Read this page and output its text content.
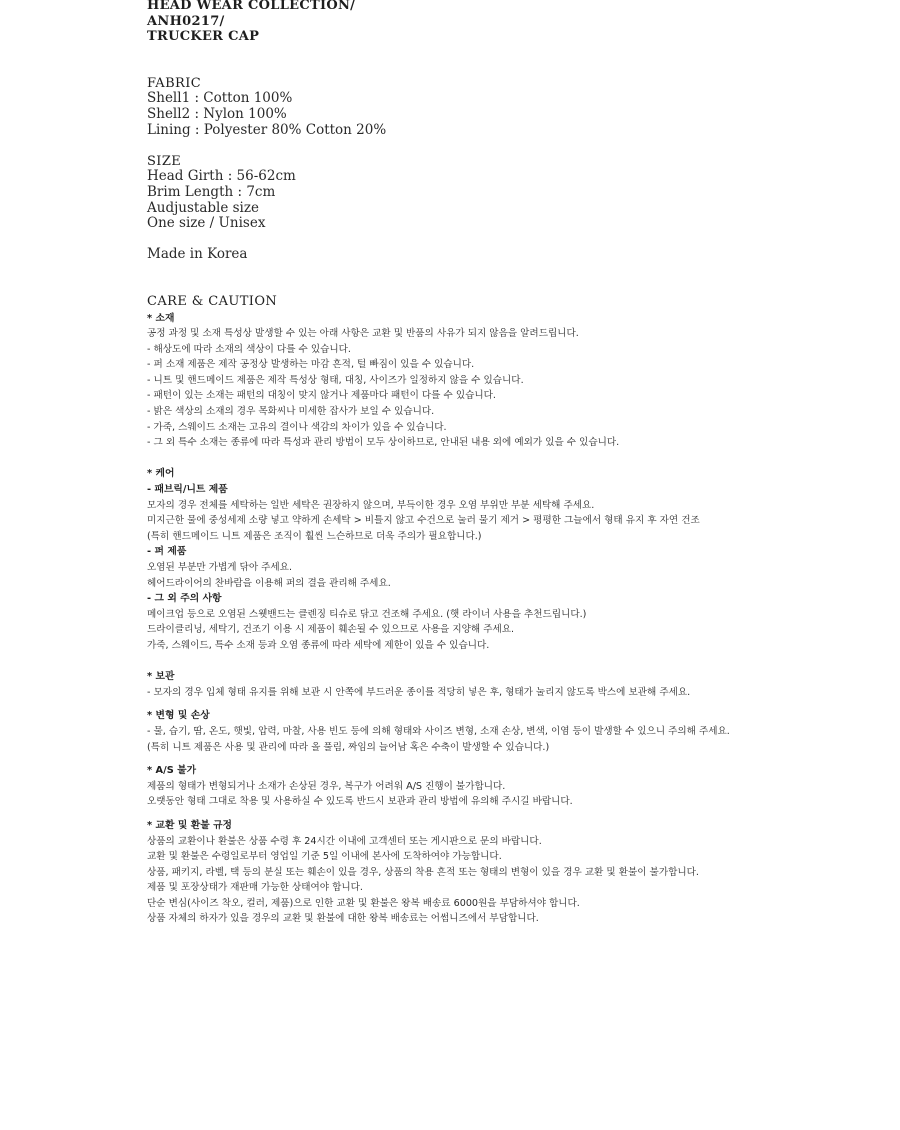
HEAD WEAR COLLECTION/

ANH0217/

TRUCKER CAP

FABRIC

Shell1 : Cotton 100%

Shell2 : Nylon 100%

Lining : Polyester 80% Cotton 20%

SIZE

Head Girth : 56-62cm

Brim Length : 7cm

Audjustable size

One size / Unisex

Made in Korea

CARE & CAUTION

* 소재

공정 과정 및 소재 특성상 발생할 수 있는 아래 사항은 교환 및 반품의 사유가 되지 않음을 알려드립니다.

- 해상도에 따라 소재의 색상이 다를 수 있습니다.

- 퍼 소재 제품은 제작 공정상 발생하는 마감 흔적, 털 빠짐이 있을 수 있습니다.

- 니트 및 핸드메이드 제품은 제작 특성상 형태, 대칭, 사이즈가 일정하지 않을 수 있습니다.

- 패턴이 있는 소재는 패턴의 대칭이 맞지 않거나 제품마다 패턴이 다를 수 있습니다.

- 밝은 색상의 소재의 경우 목화씨나 미세한 잡사가 보일 수 있습니다.

- 가죽, 스웨이드 소재는 고유의 결이나 색감의 차이가 있을 수 있습니다.

- 그 외 특수 소재는 종류에 따라 특성과 관리 방법이 모두 상이하므로, 안내된 내용 외에 예외가 있을 수 있습니다.

* 케어

- 패브릭/니트 제품

모자의 경우 전체를 세탁하는 일반 세탁은 권장하지 않으며, 부득이한 경우 오염 부위만 부분 세탁해 주세요.

미지근한 물에 중성세제 소량 넣고 약하게 손세탁 > 비틀지 않고 수건으로 눌러 물기 제거 > 평평한 그늘에서 형태 유지 후 자연 건조

(특히 핸드메이드 니트 제품은 조직이 훨씬 느슨하므로 더욱 주의가 필요합니다.)

- 퍼 제품

오염된 부분만 가볍게 닦아 주세요.

헤어드라이어의 찬바람을 이용해 퍼의 결을 관리해 주세요.

- 그 외 주의 사항

메이크업 등으로 오염된 스웻밴드는 클렌징 티슈로 닦고 건조해 주세요. (햇 라이너 사용을 추천드립니다.)

드라이클리닝, 세탁기, 건조기 이용 시 제품이 훼손될 수 있으므로 사용을 지양해 주세요.

가죽, 스웨이드, 특수 소재 등과 오염 종류에 따라 세탁에 제한이 있을 수 있습니다.

* 보관

- 모자의 경우 입체 형태 유지를 위해 보관 시 안쪽에 부드러운 종이를 적당히 넣은 후, 형태가 눌리지 않도록 박스에 보관해 주세요.

* 변형 및 손상

- 물, 습기, 땀, 온도, 햇빛, 압력, 마찰, 사용 빈도 등에 의해 형태와 사이즈 변형, 소재 손상, 변색, 이염 등이 발생할 수 있으니 주의해 주세요.

(특히 니트 제품은 사용 및 관리에 따라 올 풀림, 짜임의 늘어남 혹은 수축이 발생할 수 있습니다.)

* A/S 불가

제품의 형태가 변형되거나 소재가 손상된 경우, 복구가 어려워 A/S 진행이 불가합니다.

오랫동안 형태 그대로 착용 및 사용하실 수 있도록 반드시 보관과 관리 방법에 유의해 주시길 바랍니다.

* 교환 및 환불 규정

상품의 교환이나 환불은 상품 수령 후 24시간 이내에 고객센터 또는 게시판으로 문의 바랍니다.

교환 및 환불은 수령일로부터 영업일 기준 5일 이내에 본사에 도착하여야 가능합니다.

상품, 패키지, 라벨, 택 등의 분실 또는 훼손이 있을 경우, 상품의 착용 흔적 또는 형태의 변형이 있을 경우 교환 및 환불이 불가합니다.

제품 및 포장상태가 재판매 가능한 상태여야 합니다.

단순 변심(사이즈 착오, 컬러, 제품)으로 인한 교환 및 환불은 왕복 배송료 6000원을 부담하셔야 합니다.

상품 자체의 하자가 있을 경우의 교환 및 환불에 대한 왕복 배송료는 어썸니즈에서 부담합니다.
